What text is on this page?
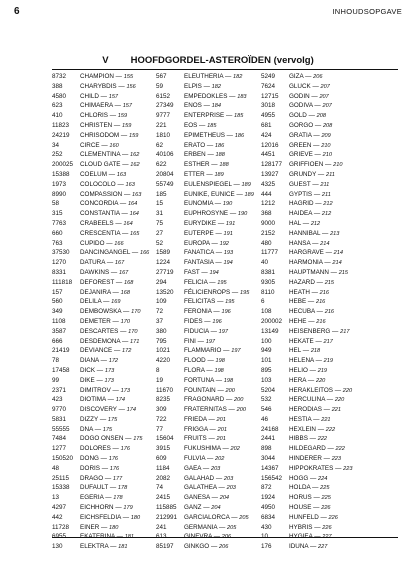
6	INHOUDSOPGAVE
V HOOFDGORDEL-ASTEROÏDEN (vervolg)
8732 CHAMPION — 155
388	CHARYBDIS — 156
4580 CHILD — 157
623	CHIMAERA — 157
410	CHLORIS — 159
11823 CHRISTEN — 159
24219 CHRISODOM — 159
34	CIRCE — 160
252	CLEMENTINA — 162
200025 CLOUD GATE — 162
15388 COELUM — 163
1973 COLOCOLO — 163
8990 COMPASSION — 163
58	CONCORDIA — 164
315	CONSTANTIA — 164
7763 CRABEELS — 164
660	CRESCENTIA — 165
763	CUPIDO — 166
37530 DANCINGANGEL — 166
1270 DATURA — 167
8331 DAWKINS — 167
111818 DEFOREST — 168
157	DEJANIRA — 168
560	DELILA — 169
349	DEMBOWSKA — 170
1108 DEMETER — 170
3587 DESCARTES — 170
666	DESDEMONA — 171
21419 DEVIANCE — 172
78	DIANA — 172
17458 DICK — 173
99	DIKE — 173
2371 DIMITROV — 173
423	DIOTIMA — 174
9770 DISCOVERY — 174
5831 DIZZY — 175
55555 DNA — 175
7484 DOGO ONSEN — 175
1277 DOLORES — 176
150520 DONG — 176
48	DORIS — 176
25115 DRAGO — 177
15338 DUFAULT — 178
13	EGERIA — 178
4297 EICHHORN — 179
442	EICHSFELDIA — 180
11728 EINER — 180
6955 EKATERINA — 181
130	ELEKTRA — 181
567	ELEUTHERIA — 182
59	ELPIS — 182
6152 EMPEDOKLES — 183
27349 ENOS — 184
9777 ENTERPRISE — 185
221	EOS — 185
1810 EPIMETHEUS — 186
62	ERATO — 186
40106 ERBEN — 188
622	ESTHER — 188
20804 ETTER — 189
55749 EULENSPIEGEL — 189
185	EUNIKE, EUNICE — 189
15	EUNOMIA — 190
31	EUPHROSYNE — 190
75	EURYDIKE — 191
27	EUTERPE — 191
52	EUROPA — 192
1589 FANATICA — 193
1224 FANTASIA — 194
27719 FAST — 194
294	FELICIA — 195
13520 FÉLICIENROPS — 195
109	FELICITAS — 195
72	FERONIA — 196
37	FIDES — 196
380	FIDUCIA — 197
795	FINI — 197
1021 FLAMMARIO — 197
4220 FLOOD — 198
8	FLORA — 198
19	FORTUNA — 198
11670 FOUNTAIN — 200
8235 FRAGONARD — 200
309	FRATERNITAS — 200
722	FRIEDA — 201
77	FRIGGA — 201
15604 FRUITS — 201
3915 FUKUSHIMA — 202
609	FULVIA — 202
1184 GAEA — 203
2082 GALAHAD — 203
74	GALATHEA — 203
2415 GANESA — 204
115885 GANZ — 204
212991 GARCIALORCA — 205
241	GERMANIA — 205
613	GINEVRA — 206
85197 GINKGO — 206
5249 GIZA — 206
7624 GLUCK — 207
12715 GODIN — 207
3018 GODIVA — 207
4955 GOLD — 208
681	GORGO — 208
424	GRATIA — 209
12016 GREEN — 210
4451 GRIEVE — 210
128177 GRIFFIOEN — 210
13927 GRUNDY — 211
4325 GUEST — 211
444	GYPTIS — 211
1212 HAGRID — 212
368	HAIDEA — 212
9000 HAL — 212
2152 HANNIBAL — 213
480	HANSA — 214
11777 HARGRAVE — 214
40	HARMONIA — 214
8381 HAUPTMANN — 215
9305 HAZARD — 215
8110 HEATH — 216
6	HEBE — 216
108	HECUBA — 216
200002 HEHE — 216
13149 HEISENBERG — 217
100	HEKATE — 217
949	HEL — 218
101	HELENA — 219
895	HELIO — 219
103	HERA — 220
5204 HERAKLEITOS — 220
532	HERCULINA — 220
546	HERODIAS — 221
46	HESTIA — 221
24168 HEXLEIN — 222
2441 HIBBS — 222
898	HILDEGARD — 222
3044 HINDERER — 223
14367 HIPPOKRATES — 223
156542 HOGG — 224
872	HOLDA — 225
1924 HORUS — 225
4950 HOUSE — 226
6834 HUNFELD — 226
430	HYBRIS — 226
10	HYGIEA — 227
176	IDUNA — 227
